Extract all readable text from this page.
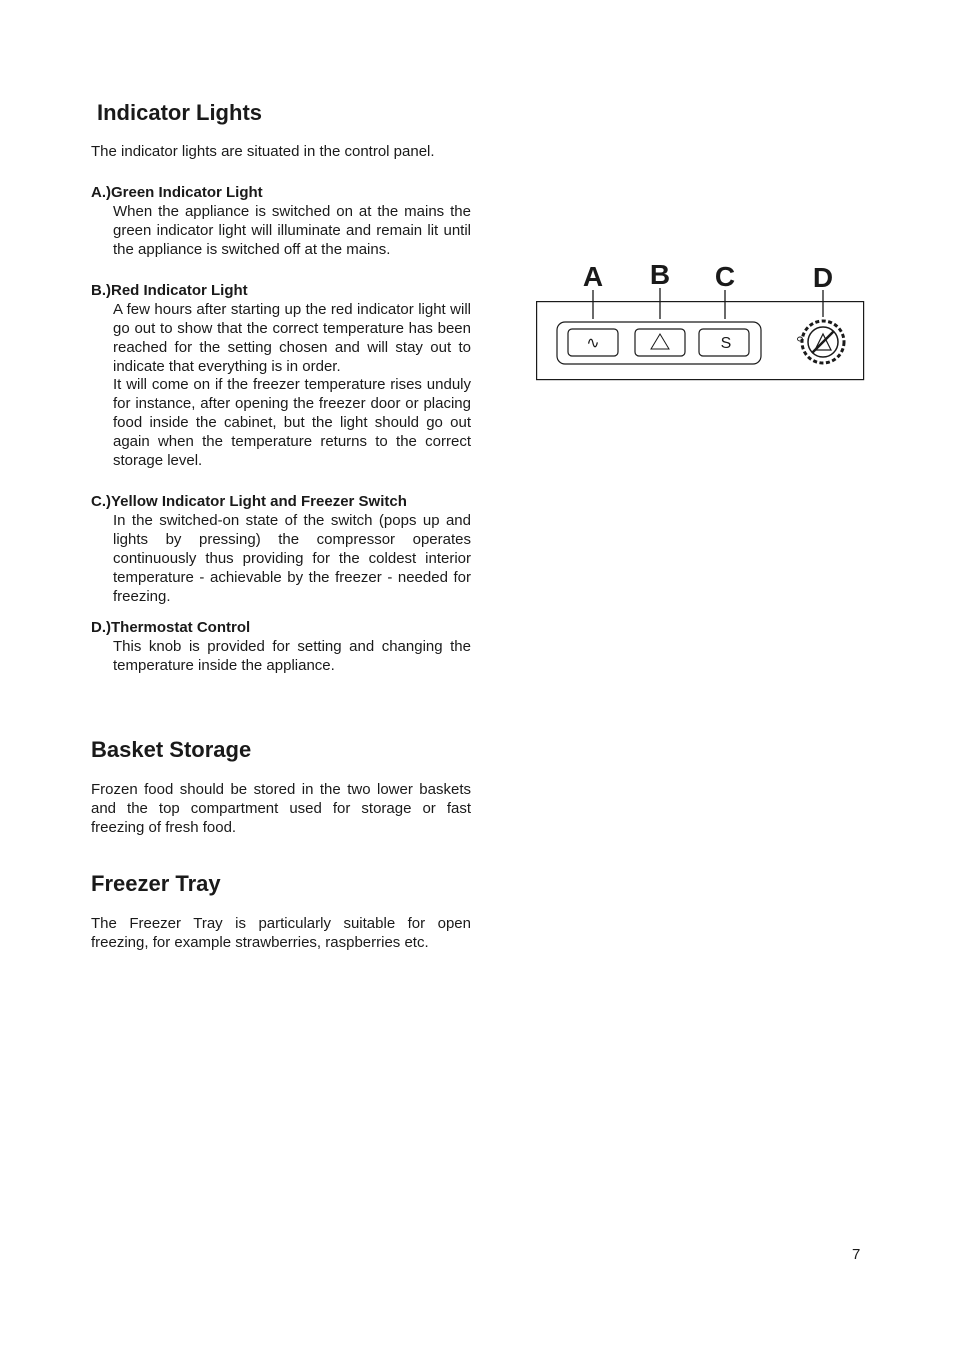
Indicator Lights

The indicator lights are situated in the control panel.

A.)Green Indicator Light
When the appliance is switched on at the mains the green indicator light will illuminate and remain lit until the appliance is switched off at the mains.
B.)Red Indicator Light
A few hours after starting up the red indicator light will go out to show that the correct temperature has been reached for the setting chosen and will stay out to indicate that everything is in order.
It will come on if the freezer temperature rises unduly for instance, after opening the freezer door or placing food inside the cabinet, but the light should go out again when the temperature returns to the correct storage level.
C.)Yellow Indicator Light and Freezer Switch
In the switched-on state of the switch (pops up and lights by pressing) the compressor operates continuously thus providing for the coldest interior temperature - achievable by the freezer - needed for freezing.
D.)Thermostat Control
This knob is provided for setting and changing the temperature inside the appliance.
Basket Storage

Frozen food should be stored in the two lower baskets and the top compartment used for storage or fast freezing of fresh food.

Freezer Tray

The Freezer Tray is particularly suitable for open freezing, for example strawberries, raspberries etc.

A B C	D
∿	S
7
